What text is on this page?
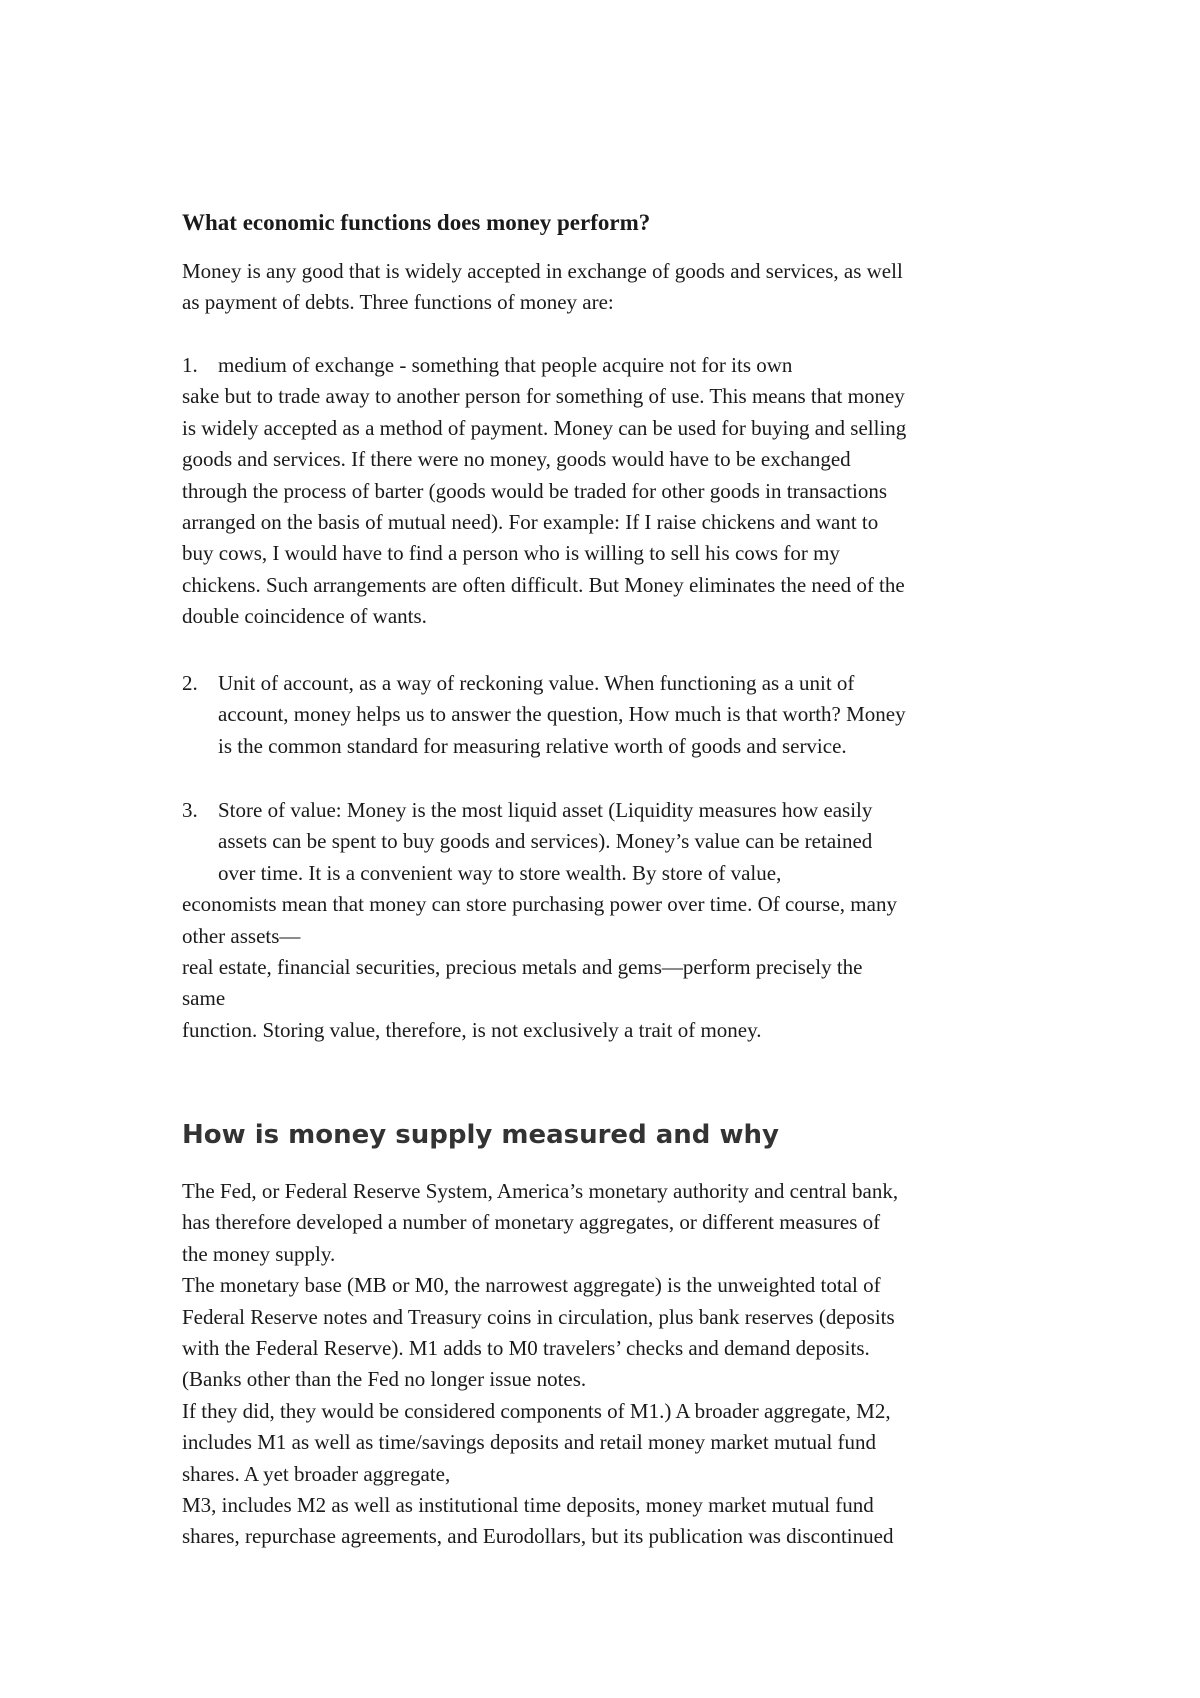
What economic functions does money perform?

Money is any good that is widely accepted in exchange of goods and services, as well
as payment of debts. Three functions of money are:

1. medium of exchange - something that people acquire not for its own
sake but to trade away to another person for something of use. This means that money
is widely accepted as a method of payment. Money can be used for buying and selling
goods and services. If there were no money, goods would have to be exchanged
through the process of barter (goods would be traded for other goods in transactions
arranged on the basis of mutual need). For example: If I raise chickens and want to
buy cows, I would have to find a person who is willing to sell his cows for my
chickens. Such arrangements are often difficult. But Money eliminates the need of the
double coincidence of wants.

2. Unit of account, as a way of reckoning value. When functioning as a unit of
account, money helps us to answer the question, How much is that worth? Money
is the common standard for measuring relative worth of goods and service.

3. Store of value: Money is the most liquid asset (Liquidity measures how easily
assets can be spent to buy goods and services). Money’s value can be retained
over time. It is a convenient way to store wealth. By store of value,
economists mean that money can store purchasing power over time. Of course, many
other assets—
real estate, financial securities, precious metals and gems—perform precisely the
same
function. Storing value, therefore, is not exclusively a trait of money.

How is money supply measured and why

The Fed, or Federal Reserve System, America’s monetary authority and central bank,
has therefore developed a number of monetary aggregates, or different measures of
the money supply.
The monetary base (MB or M0, the narrowest aggregate) is the unweighted total of
Federal Reserve notes and Treasury coins in circulation, plus bank reserves (deposits
with the Federal Reserve). M1 adds to M0 travelers’ checks and demand deposits.
(Banks other than the Fed no longer issue notes.
If they did, they would be considered components of M1.) A broader aggregate, M2,
includes M1 as well as time/savings deposits and retail money market mutual fund
shares. A yet broader aggregate,
M3, includes M2 as well as institutional time deposits, money market mutual fund
shares, repurchase agreements, and Eurodollars, but its publication was discontinued
